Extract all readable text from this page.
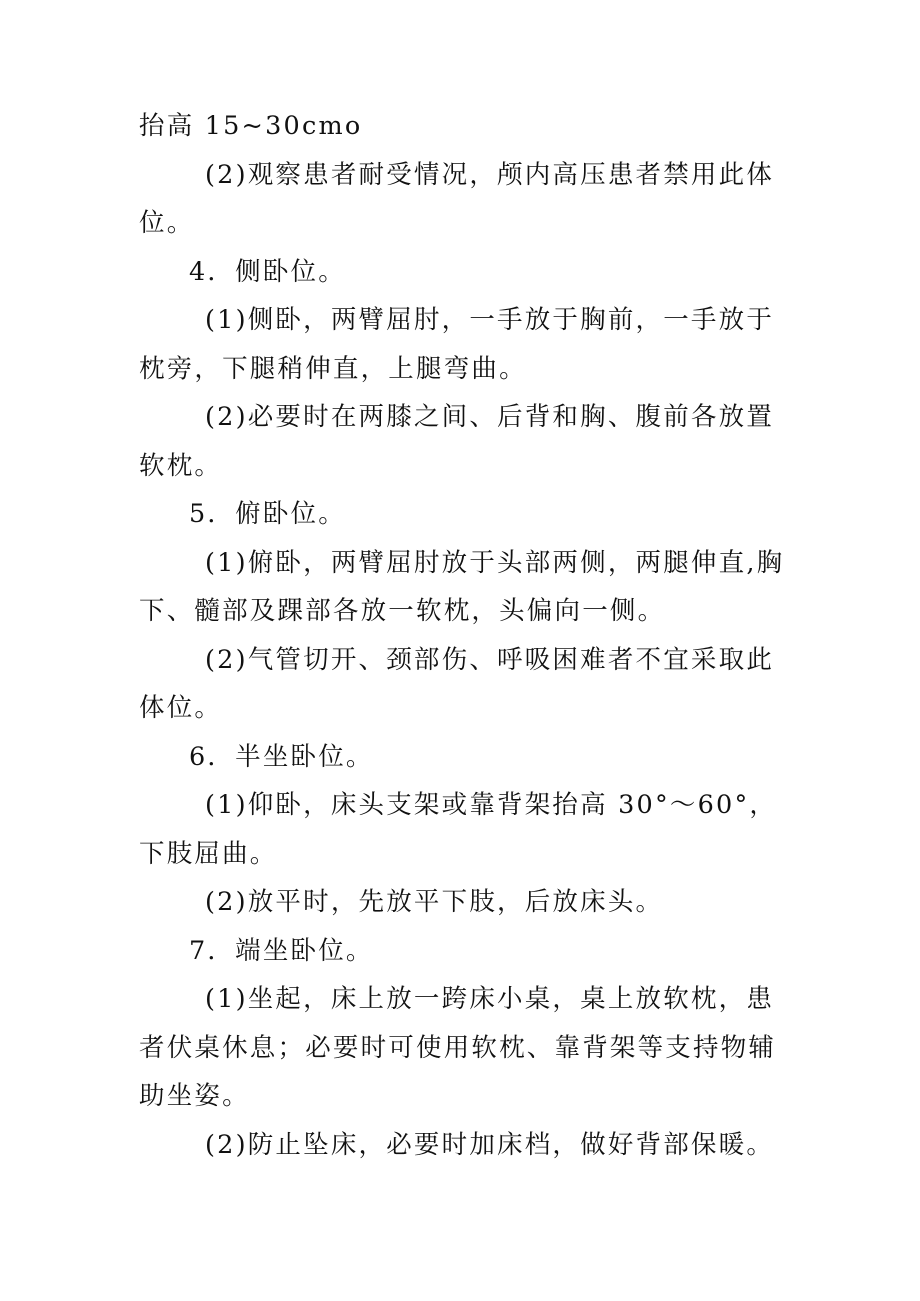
抬高 15~30cmo

(2)观察患者耐受情况，颅内高压患者禁用此体位。

4．侧卧位。

(1)侧卧，两臂屈肘，一手放于胸前，一手放于枕旁，下腿稍伸直，上腿弯曲。

(2)必要时在两膝之间、后背和胸、腹前各放置软枕。

5．俯卧位。

(1)俯卧，两臂屈肘放于头部两侧，两腿伸直,胸下、髓部及踝部各放一软枕，头偏向一侧。

(2)气管切开、颈部伤、呼吸困难者不宜采取此体位。

6．半坐卧位。

(1)仰卧，床头支架或靠背架抬高 30°～60°，下肢屈曲。

(2)放平时，先放平下肢，后放床头。

7．端坐卧位。

(1)坐起，床上放一跨床小桌，桌上放软枕，患者伏桌休息；必要时可使用软枕、靠背架等支持物辅助坐姿。

(2)防止坠床，必要时加床档，做好背部保暖。
